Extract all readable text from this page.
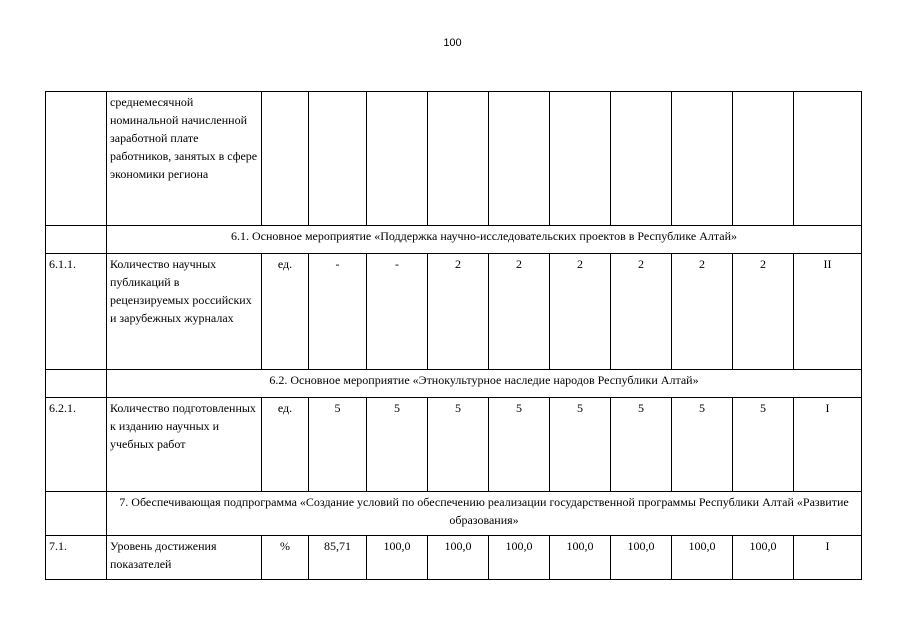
100
	среднемесячной номинальной начисленной заработной плате работников, занятых в сфере экономики региона										
	6.1. Основное мероприятие «Поддержка научно-исследовательских проектов в Республике Алтай»										
6.1.1.	Количество научных публикаций в рецензируемых российских и зарубежных журналах	ед.	-	-	2	2	2	2	2	2	II
	6.2. Основное мероприятие «Этнокультурное наследие народов Республики Алтай»										
6.2.1.	Количество подготовленных к изданию научных и учебных работ	ед.	5	5	5	5	5	5	5	5	I
	7. Обеспечивающая подпрограмма «Создание условий по обеспечению реализации государственной программы Республики Алтай «Развитие образования»										
7.1.	Уровень достижения показателей	%	85,71	100,0	100,0	100,0	100,0	100,0	100,0	100,0	I
